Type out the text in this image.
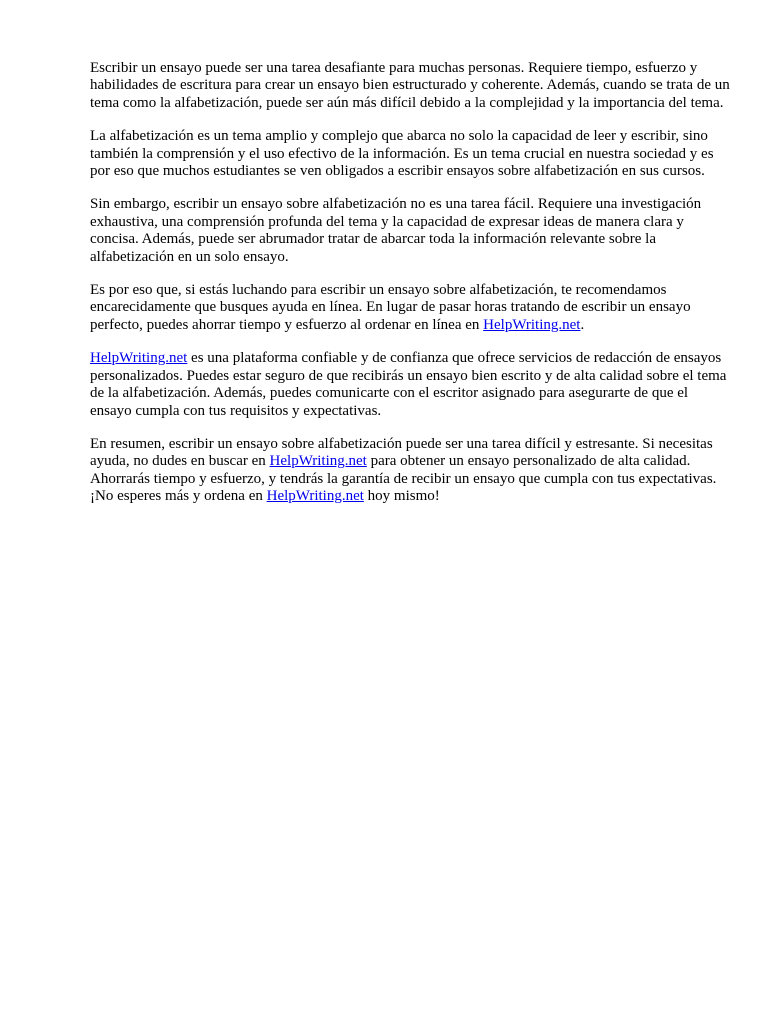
Escribir un ensayo puede ser una tarea desafiante para muchas personas. Requiere tiempo, esfuerzo y habilidades de escritura para crear un ensayo bien estructurado y coherente. Además, cuando se trata de un tema como la alfabetización, puede ser aún más difícil debido a la complejidad y la importancia del tema.

La alfabetización es un tema amplio y complejo que abarca no solo la capacidad de leer y escribir, sino también la comprensión y el uso efectivo de la información. Es un tema crucial en nuestra sociedad y es por eso que muchos estudiantes se ven obligados a escribir ensayos sobre alfabetización en sus cursos.

Sin embargo, escribir un ensayo sobre alfabetización no es una tarea fácil. Requiere una investigación exhaustiva, una comprensión profunda del tema y la capacidad de expresar ideas de manera clara y concisa. Además, puede ser abrumador tratar de abarcar toda la información relevante sobre la alfabetización en un solo ensayo.

Es por eso que, si estás luchando para escribir un ensayo sobre alfabetización, te recomendamos encarecidamente que busques ayuda en línea. En lugar de pasar horas tratando de escribir un ensayo perfecto, puedes ahorrar tiempo y esfuerzo al ordenar en línea en HelpWriting.net.

HelpWriting.net es una plataforma confiable y de confianza que ofrece servicios de redacción de ensayos personalizados. Puedes estar seguro de que recibirás un ensayo bien escrito y de alta calidad sobre el tema de la alfabetización. Además, puedes comunicarte con el escritor asignado para asegurarte de que el ensayo cumpla con tus requisitos y expectativas.

En resumen, escribir un ensayo sobre alfabetización puede ser una tarea difícil y estresante. Si necesitas ayuda, no dudes en buscar en HelpWriting.net para obtener un ensayo personalizado de alta calidad. Ahorrarás tiempo y esfuerzo, y tendrás la garantía de recibir un ensayo que cumpla con tus expectativas. ¡No esperes más y ordena en HelpWriting.net hoy mismo!
